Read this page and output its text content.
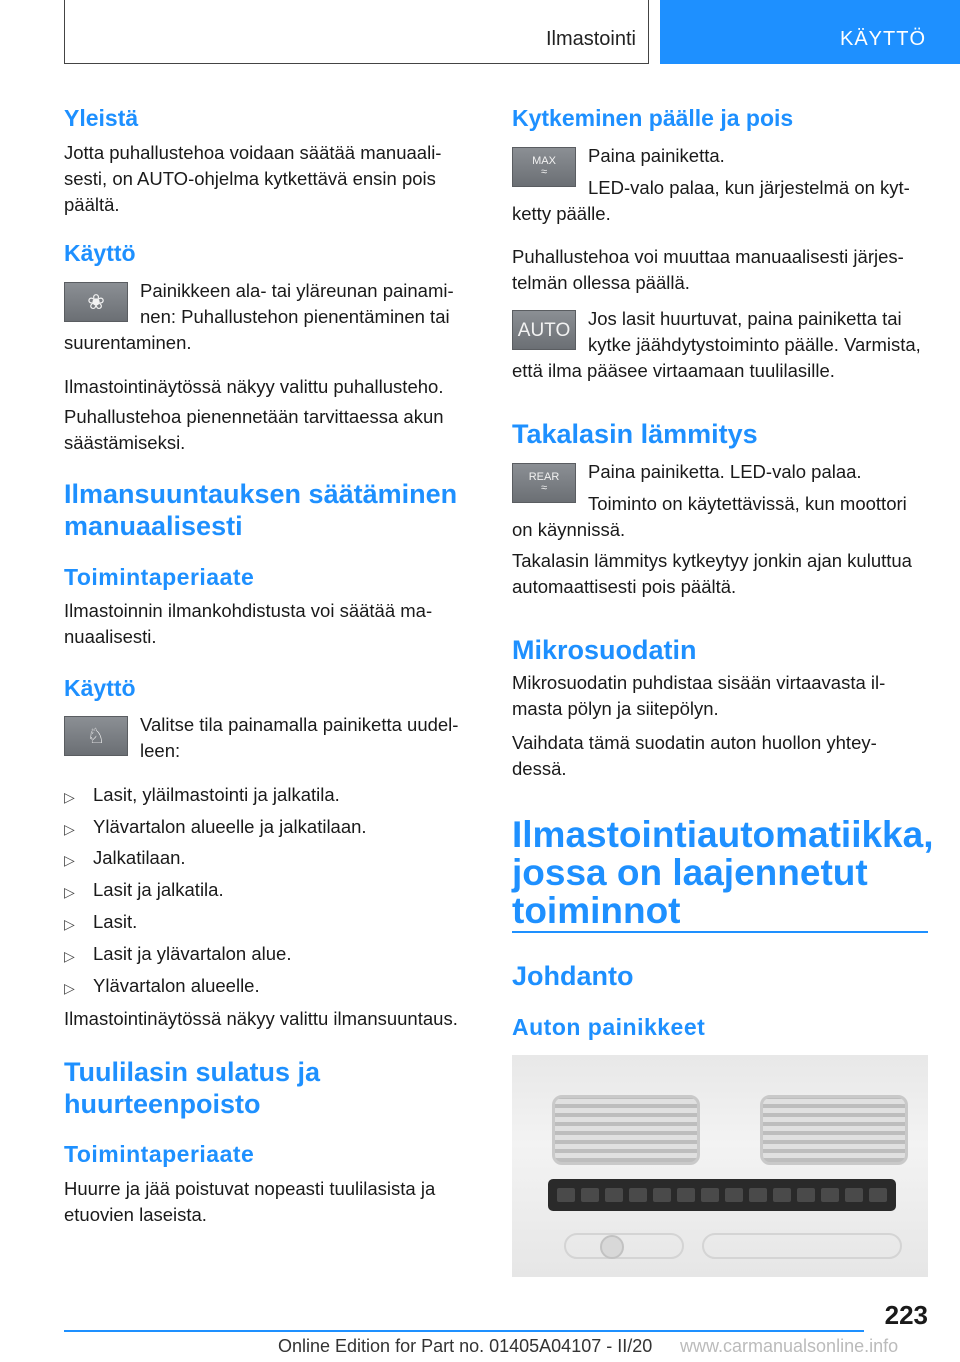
Ilmastointi	KÄYTTÖ
Yleistä
Jotta puhallustehoa voidaan säätää manuaali-
sesti, on AUTO-ohjelma kytkettävä ensin pois
päältä.
Käyttö
❀ Painikkeen ala- tai yläreunan painami-
nen: Puhallustehon pienentäminen tai
suurentaminen.
Ilmastointinäytössä näkyy valittu puhallusteho.
Puhallustehoa pienennetään tarvittaessa akun
säästämiseksi.
Ilmansuuntauksen säätäminen
manuaalisesti
Toimintaperiaate
Ilmastoinnin ilmankohdistusta voi säätää ma-
nuaalisesti.
Käyttö
♘ Valitse tila painamalla painiketta uudel-
leen:
▷ Lasit, yläilmastointi ja jalkatila.
▷ Ylävartalon alueelle ja jalkatilaan.
▷ Jalkatilaan.
▷ Lasit ja jalkatila.
▷ Lasit.
▷ Lasit ja ylävartalon alue.
▷ Ylävartalon alueelle.
Ilmastointinäytössä näkyy valittu ilmansuuntaus.
Tuulilasin sulatus ja
huurteenpoisto
Toimintaperiaate
Huurre ja jää poistuvat nopeasti tuulilasista ja
etuovien laseista.
Kytkeminen päälle ja pois
MAX
≈
Paina painiketta.
LED-valo palaa, kun järjestelmä on kyt-
ketty päälle.
Puhallustehoa voi muuttaa manuaalisesti järjes-
telmän ollessa päällä.
AUTO
Jos lasit huurtuvat, paina painiketta tai
kytke jäähdytystoiminto päälle. Varmista,
että ilma pääsee virtaamaan tuulilasille.
Takalasin lämmitys
REAR
≈
Paina painiketta. LED-valo palaa.
Toiminto on käytettävissä, kun moottori
on käynnissä.
Takalasin lämmitys kytkeytyy jonkin ajan kuluttua
automaattisesti pois päältä.
Mikrosuodatin
Mikrosuodatin puhdistaa sisään virtaavasta il-
masta pölyn ja siitepölyn.
Vaihdata tämä suodatin auton huollon yhtey-
dessä.
Ilmastointiautomatiikka,
jossa on laajennetut
toiminnot
Johdanto
Auton painikkeet
223
Online Edition for Part no. 01405A04107 - II/20 www.carmanualsonline.info
